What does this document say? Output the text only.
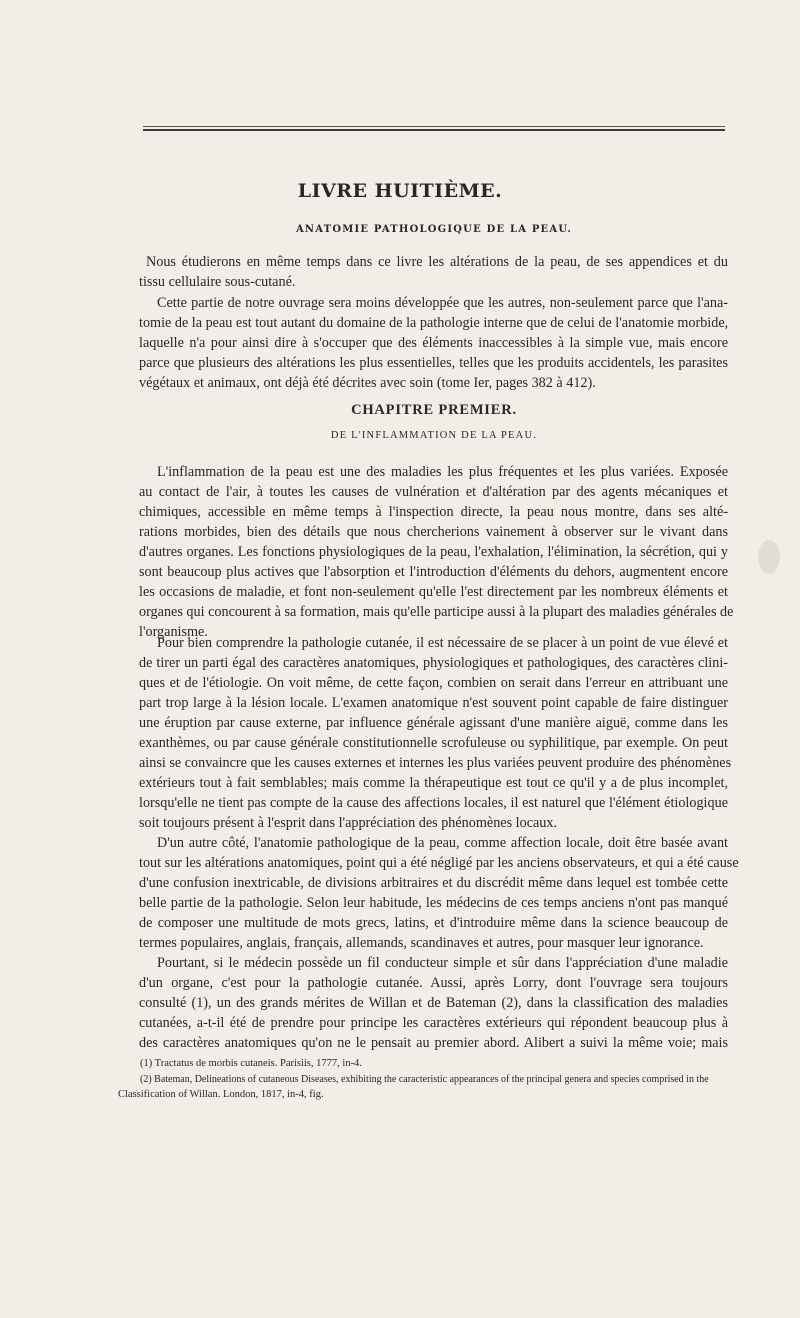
LIVRE HUITIÈME.
ANATOMIE PATHOLOGIQUE DE LA PEAU.
Nous étudierons en même temps dans ce livre les altérations de la peau, de ses appendices et du
tissu cellulaire sous-cutané.
Cette partie de notre ouvrage sera moins développée que les autres, non-seulement parce que l'ana-
tomie de la peau est tout autant du domaine de la pathologie interne que de celui de l'anatomie morbide,
laquelle n'a pour ainsi dire à s'occuper que des éléments inaccessibles à la simple vue, mais encore
parce que plusieurs des altérations les plus essentielles, telles que les produits accidentels, les parasites
végétaux et animaux, ont déjà été décrites avec soin (tome Ier, pages 382 à 412).
CHAPITRE PREMIER.
DE L'INFLAMMATION DE LA PEAU.
L'inflammation de la peau est une des maladies les plus fréquentes et les plus variées. Exposée
au contact de l'air, à toutes les causes de vulnération et d'altération par des agents mécaniques et
chimiques, accessible en même temps à l'inspection directe, la peau nous montre, dans ses alté-
rations morbides, bien des détails que nous chercherions vainement à observer sur le vivant dans
d'autres organes. Les fonctions physiologiques de la peau, l'exhalation, l'élimination, la sécrétion, qui y
sont beaucoup plus actives que l'absorption et l'introduction d'éléments du dehors, augmentent encore
les occasions de maladie, et font non-seulement qu'elle l'est directement par les nombreux éléments et
organes qui concourent à sa formation, mais qu'elle participe aussi à la plupart des maladies générales de
l'organisme.
Pour bien comprendre la pathologie cutanée, il est nécessaire de se placer à un point de vue élevé et
de tirer un parti égal des caractères anatomiques, physiologiques et pathologiques, des caractères clini-
ques et de l'étiologie. On voit même, de cette façon, combien on serait dans l'erreur en attribuant une
part trop large à la lésion locale. L'examen anatomique n'est souvent point capable de faire distinguer
une éruption par cause externe, par influence générale agissant d'une manière aiguë, comme dans les
exanthèmes, ou par cause générale constitutionnelle scrofuleuse ou syphilitique, par exemple. On peut
ainsi se convaincre que les causes externes et internes les plus variées peuvent produire des phénomènes
extérieurs tout à fait semblables; mais comme la thérapeutique est tout ce qu'il y a de plus incomplet,
lorsqu'elle ne tient pas compte de la cause des affections locales, il est naturel que l'élément étiologique
soit toujours présent à l'esprit dans l'appréciation des phénomènes locaux.
D'un autre côté, l'anatomie pathologique de la peau, comme affection locale, doit être basée avant
tout sur les altérations anatomiques, point qui a été négligé par les anciens observateurs, et qui a été cause
d'une confusion inextricable, de divisions arbitraires et du discrédit même dans lequel est tombée cette
belle partie de la pathologie. Selon leur habitude, les médecins de ces temps anciens n'ont pas manqué
de composer une multitude de mots grecs, latins, et d'introduire même dans la science beaucoup de
termes populaires, anglais, français, allemands, scandinaves et autres, pour masquer leur ignorance.
Pourtant, si le médecin possède un fil conducteur simple et sûr dans l'appréciation d'une maladie
d'un organe, c'est pour la pathologie cutanée. Aussi, après Lorry, dont l'ouvrage sera toujours
consulté (1), un des grands mérites de Willan et de Bateman (2), dans la classification des maladies
cutanées, a-t-il été de prendre pour principe les caractères extérieurs qui répondent beaucoup plus à
des caractères anatomiques qu'on ne le pensait au premier abord. Alibert a suivi la même voie; mais
(1) Tractatus de morbis cutaneis. Parisiis, 1777, in-4.
(2) Bateman, Delineations of cutaneous Diseases, exhibiting the caracteristic appearances of the principal genera and species comprised in the
Classification of Willan. London, 1817, in-4, fig.
